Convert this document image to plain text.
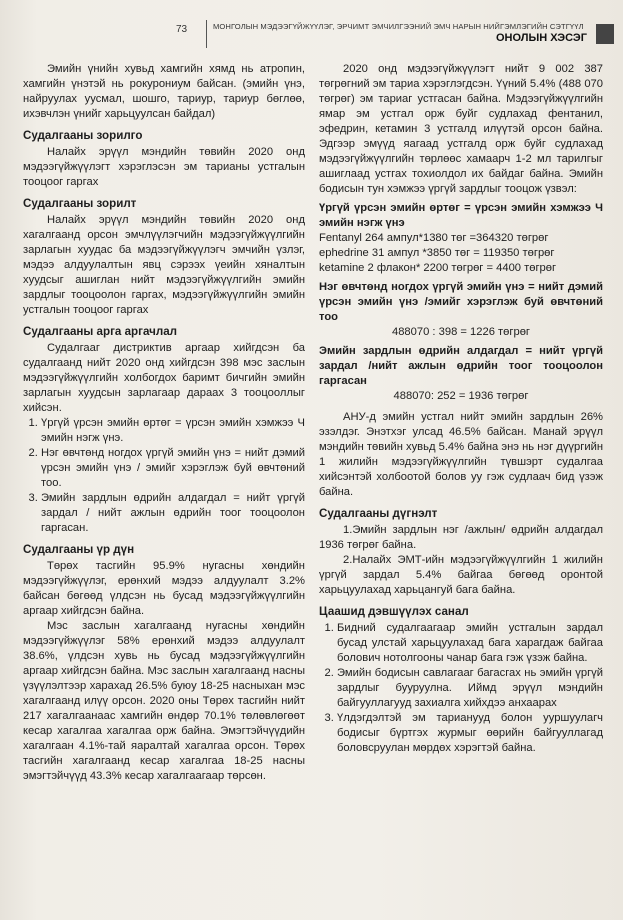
73	МОНГОЛЫН МЭДЭЭГҮЙЖҮҮЛЭГ, ЭРЧИМТ ЭМЧИЛГЭЭНИЙ ЭМЧ НАРЫН НИЙГЭМЛЭГИЙН СЭТГҮҮЛ
ОНОЛЫН ХЭСЭГ

Эмийн үнийн хувьд хамгийн хямд нь атропин, хамгийн үнэтэй нь рокурониум байсан. (эмийн үнэ, найруулах уусмал, шошго, тариур, тариур бөглөө, ихэвчлэн үнийг харьцуулсан байдал)

Судалгааны зорилго

Налайх эрүүл мэндийн төвийн 2020 онд мэдээгүйжүүлэгт хэрэглэсэн эм тарианы устгалын тооцоог гаргах

Судалгааны зорилт

Налайх эрүүл мэндийн төвийн 2020 онд хагалгаанд орсон эмчлүүлэгчийн мэдээгүйжүүлгийн зарлагын хуудас ба мэдээгүйжүүлэгч эмчийн үзлэг, мэдээ алдуулалтын явц сэрээх үеийн хяналтын хуудсыг ашиглан нийт мэдээгүйжүүлгийн эмийн зардлыг тооцоолон гаргах, мэдээгүйжүүлгийн эмийн устгалын тооцоог гаргах

Судалгааны арга аргачлал

Судалгааг дистриктив аргаар хийгдсэн ба судалгаанд нийт 2020 онд хийгдсэн 398 мэс заслын мэдээгүйжүүлгийн холбогдох баримт бичгийн эмийн зарлагын хуудсын зарлагаар дараах 3 тооцооллыг хийсэн.

1. Үргүй үрсэн эмийн өртөг = үрсэн эмийн хэмжээ Ч эмийн нэгж үнэ.
2. Нэг өвчтөнд ногдох үргүй эмийн үнэ = нийт дэмий үрсэн эмийн үнэ / эмийг хэрэглэж буй өвчтөний тоо.
3. Эмийн зардлын өдрийн алдагдал = нийт үргүй зардал / нийт ажлын өдрийн тоог тооцоолон гаргасан.
Судалгааны үр дүн

Төрөх тасгийн 95.9% нугасны хөндийн мэдээгүйжүүлэг, ерөнхий мэдээ алдуулалт 3.2% байсан бөгөөд үлдсэн нь бусад мэдээгүйжүүлгийн аргаар хийгдсэн байна.

Мэс заслын хагалгаанд нугасны хөндийн мэдээгүйжүүлэг 58% ерөнхий мэдээ алдуулалт 38.6%, үлдсэн хувь нь бусад мэдээгүйжүүлгийн аргаар хийгдсэн байна. Мэс заслын хагалгаанд насны үзүүлэлтээр харахад 26.5% буюу 18-25 насныхан мэс хагалгаанд илүү орсон. 2020 оны Төрөх тасгийн нийт 217 хагалгаанаас хамгийн өндөр 70.1% төлөвлөгөөт кесар хагалгаа хагалгаа орж байна. Эмэгтэйчүүдийн хагалгаан 4.1%-тай яаралтай хагалгаа орсон. Төрөх тасгийн хагалгаанд кесар хагалгаа 18-25 насны эмэгтэйчүүд 43.3% кесар хагалгаагаар төрсөн.

2020 онд мэдээгүйжүүлэгт нийт 9 002 387 төгрөгний эм тариа хэрэглэгдсэн. Үүний 5.4% (488 070 төгрөг) эм тариаг устгасан байна. Мэдээгүйжүүлгийн ямар эм устгал орж буйг судлахад фентанил, эфедрин, кетамин 3 устгалд илүүтэй орсон байна. Эдгээр эмүүд яагаад устгалд орж буйг судлахад мэдээгүйжүүлгийн төрлөөс хамаарч 1-2 мл тарилгыг ашиглаад устгах тохиолдол их байдаг байна. Эмийн бодисын тун хэмжээ үргүй зардлыг тооцож үзвэл:

Үргүй үрсэн эмийн өртөг = үрсэн эмийн хэмжээ Ч эмийн нэгж үнэ

Fentanyl 264 ампул*1380 төг =364320 төгрөг

ephedrine 31 ампул *3850 төг = 119350 төгрөг

ketamine 2 флакон* 2200 төгрөг = 4400 төгрөг

Нэг өвчтөнд ногдох үргүй эмийн үнэ = нийт дэмий үрсэн эмийн үнэ /эмийг хэрэглэж буй өвчтөний тоо

488070 : 398 = 1226 төгрөг

Эмийн зардлын өдрийн алдагдал = нийт үргүй зардал /нийт ажлын өдрийн тоог тооцоолон гаргасан

488070: 252 = 1936 төгрөг

АНУ-д эмийн устгал нийт эмийн зардлын 26% эзэлдэг. Энэтхэг улсад 46.5% байсан. Манай эрүүл мэндийн төвийн хувьд 5.4% байна энэ нь нэг дүүргийн 1 жилийн мэдээгүйжүүлгийн түвшэрт судалгаа хийсэнтэй холбоотой болов уу гэж судлаач бид үзэж байна.

Судалгааны дүгнэлт

1.Эмийн зардлын нэг /ажлын/ өдрийн алдагдал 1936 төгрөг байна.

2.Налайх ЭМТ-ийн мэдээгүйжүүлгийн 1 жилийн үргүй зардал 5.4% байгаа бөгөөд оронтой харьцуулахад харьцангуй бага байна.

Цаашид дэвшүүлэх санал
1. Бидний судалгаагаар эмийн устгалын зардал бусад улстай харьцуулахад бага харагдаж байгаа болович нотолгооны чанар бага гэж үзэж байна.
2. Эмийн бодисын савлагааг багасгах нь эмийн үргүй зардлыг бууруулна. Иймд эрүүл мэндийн байгууллагууд захиалга хийхдээ анхаарах
3. Үлдэгдэлтэй эм тарианууд болон ууршуулагч бодисыг бүртгэх журмыг өөрийн байгууллагад боловсруулан мөрдөх хэрэгтэй байна.
